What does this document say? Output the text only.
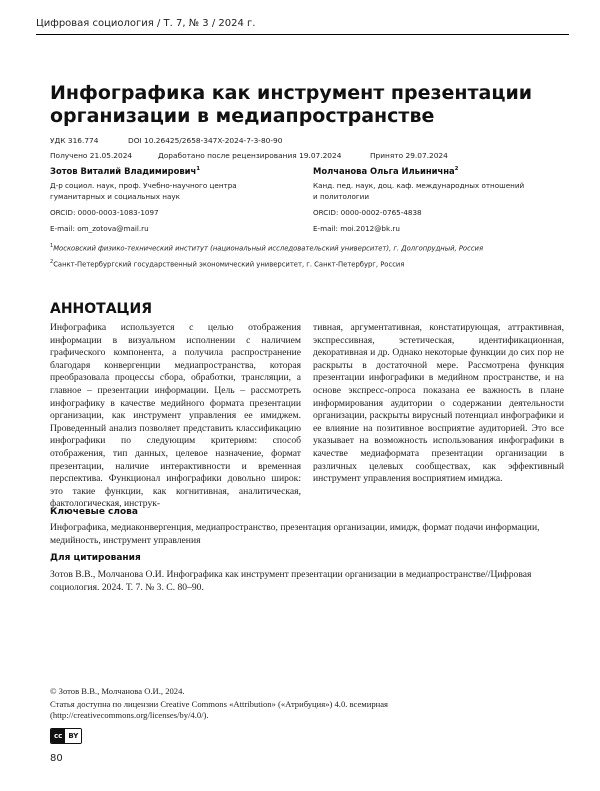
Цифровая социология / Т. 7, № 3 / 2024 г.
Инфографика как инструмент презентации
организации в медиапространстве
УДК 316.774	DOI 10.26425/2658-347X-2024-7-3-80-90
Получено 21.05.2024	Доработано после рецензирования 19.07.2024	Принято 29.07.2024
Зотов Виталий Владимирович$^1$
Д-р социол. наук, проф. Учебно-научного центра
гуманитарных и социальных наук
ORCID: 0000-0003-1083-1097
E-mail: om_zotova@mail.ru
Молчанова Ольга Ильинична$^2$
Канд. пед. наук, доц. каф. международных отношений
и политологии
ORCID: 0000-0002-0765-4838
E-mail: moi.2012@bk.ru
$^1$Московский физико-технический институт (национальный исследовательский университет), г. Долгопрудный, Россия
$^2$Санкт-Петербургский государственный экономический университет, г. Санкт-Петербург, Россия
АННОТАЦИЯ
Инфографика используется с целью отображения информации в визуальном исполнении с наличием графического компонента, а получила распространение благодаря конвергенции медиапространства, которая преобразовала процессы сбора, обработки, трансляции, а главное – презентации информации. Цель – рассмотреть инфографику в качестве медийного формата презентации организации, как инструмент управления ее имиджем. Проведенный анализ позволяет представить классификацию инфографики по следующим критериям: способ отображения, тип данных, целевое назначение, формат презентации, наличие интерактивности и временная перспектива. Функционал инфографики довольно широк: это такие функции, как когнитивная, аналитическая, фактологическая, инструк-
тивная, аргументативная, констатирующая, аттрактивная, экспрессивная, эстетическая, идентификационная, декоративная и др. Однако некоторые функции до сих пор не раскрыты в достаточной мере. Рассмотрена функция презентации инфографики в медийном пространстве, и на основе экспресс-опроса показана ее важность в плане информирования аудитории о содержании деятельности организации, раскрыты вирусный потенциал инфографики и ее влияние на позитивное восприятие аудиторией. Это все указывает на возможность использования инфографики в качестве медиаформата презентации организации в различных целевых сообществах, как эффективный инструмент управления восприятием имиджа.
Ключевые слова
Инфографика, медиаконвергенция, медиапространство, презентация организации, имидж, формат подачи информации, медийность, инструмент управления
Для цитирования
Зотов В.В., Молчанова О.И. Инфографика как инструмент презентации организации в медиапространстве//Цифровая социология. 2024. Т. 7. № 3. С. 80–90.
© Зотов В.В., Молчанова О.И., 2024.
Статья доступна по лицензии Creative Commons «Attribution» («Атрибуция») 4.0. всемирная
(http://creativecommons.org/licenses/by/4.0/).
cc BY
80
